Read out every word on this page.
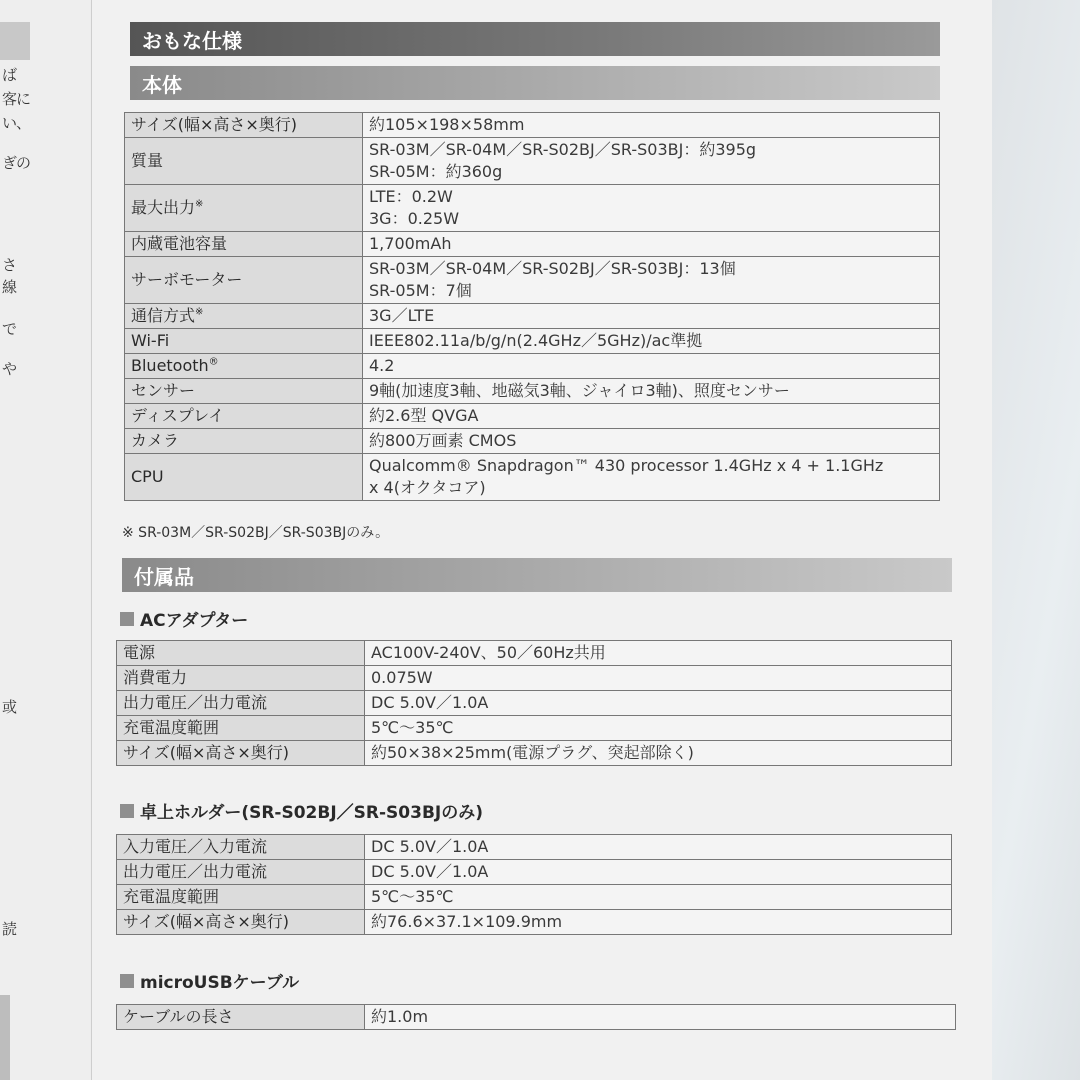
ば
客に
い、
ぎの
さ
線
で
や
或
読
おもな仕様
本体
サイズ(幅×高さ×奥行)	約105×198×58mm

質量	SR-03M／SR-04M／SR-S02BJ／SR-S03BJ：約395g
SR-05M：約360g

最大出力※	LTE：0.2W
3G：0.25W

内蔵電池容量	1,700mAh

サーボモーター	SR-03M／SR-04M／SR-S02BJ／SR-S03BJ：13個
SR-05M：7個

通信方式※	3G／LTE

Wi-Fi	IEEE802.11a/b/g/n(2.4GHz／5GHz)/ac準拠

Bluetooth®	4.2

センサー	9軸(加速度3軸、地磁気3軸、ジャイロ3軸)、照度センサー

ディスプレイ	約2.6型 QVGA

カメラ	約800万画素 CMOS

CPU	Qualcomm® Snapdragon™ 430 processor 1.4GHz x 4 + 1.1GHz
x 4(オクタコア)
※ SR-03M／SR-S02BJ／SR-S03BJのみ。
付属品
ACアダプター
電源	AC100V-240V、50／60Hz共用
消費電力	0.075W
出力電圧／出力電流	DC 5.0V／1.0A
充電温度範囲	5℃～35℃
サイズ(幅×高さ×奥行)	約50×38×25mm(電源プラグ、突起部除く)
卓上ホルダー(SR-S02BJ／SR-S03BJのみ)
入力電圧／入力電流	DC 5.0V／1.0A
出力電圧／出力電流	DC 5.0V／1.0A
充電温度範囲	5℃～35℃
サイズ(幅×高さ×奥行)	約76.6×37.1×109.9mm
microUSBケーブル
ケーブルの長さ	約1.0m
